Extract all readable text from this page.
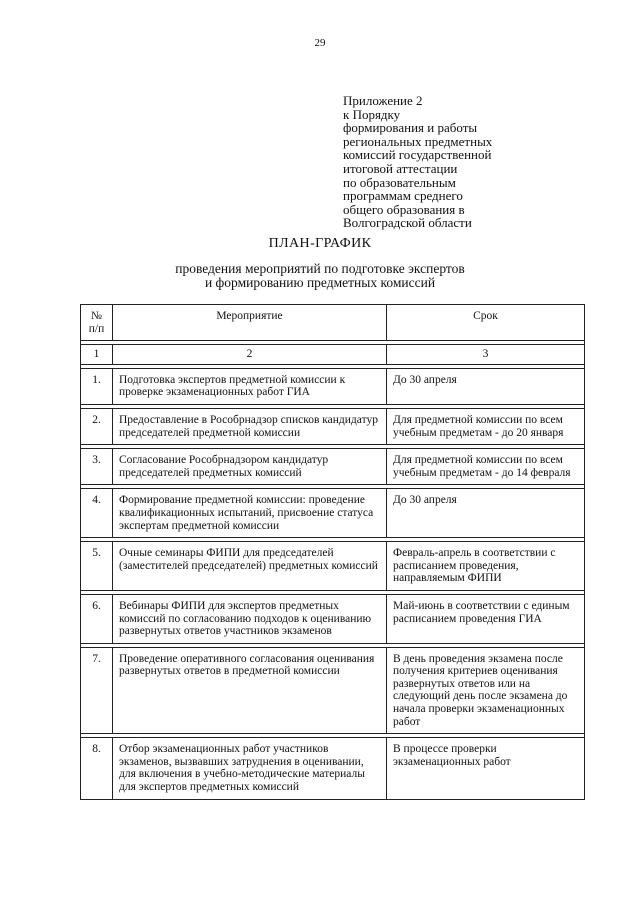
29
Приложение 2
к Порядку
формирования и работы
региональных предметных
комиссий государственной
итоговой аттестации
по образовательным
программам среднего
общего образования в
Волгоградской области
ПЛАН-ГРАФИК
проведения мероприятий по подготовке экспертов
и формированию предметных комиссий
№
п/п	Мероприятие	Срок

1	2	3

1.	Подготовка экспертов предметной комиссии к проверке экзаменационных работ ГИА	До 30 апреля

2.	Предоставление в Рособрнадзор списков кандидатур председателей предметной комиссии	Для предметной комиссии по всем учебным предметам - до 20 января

3.	Согласование Рособрнадзором кандидатур председателей предметных комиссий	Для предметной комиссии по всем учебным предметам - до 14 февраля

4.	Формирование предметной комиссии: проведение квалификационных испытаний, присвоение статуса экспертам предметной комиссии	До 30 апреля

5.	Очные семинары ФИПИ для председателей (заместителей председателей) предметных комиссий	Февраль-апрель в соответствии с расписанием проведения, направляемым ФИПИ

6.	Вебинары ФИПИ для экспертов предметных комиссий по согласованию подходов к оцениванию развернутых ответов участников экзаменов	Май-июнь в соответствии с единым расписанием проведения ГИА

7.	Проведение оперативного согласования оценивания развернутых ответов в предметной комиссии	В день проведения экзамена после получения критериев оценивания развернутых ответов или на следующий день после экзамена до начала проверки экзаменационных работ

8.	Отбор экзаменационных работ участников экзаменов, вызвавших затруднения в оценивании, для включения в учебно-методические материалы для экспертов предметных комиссий	В процессе проверки экзаменационных работ
